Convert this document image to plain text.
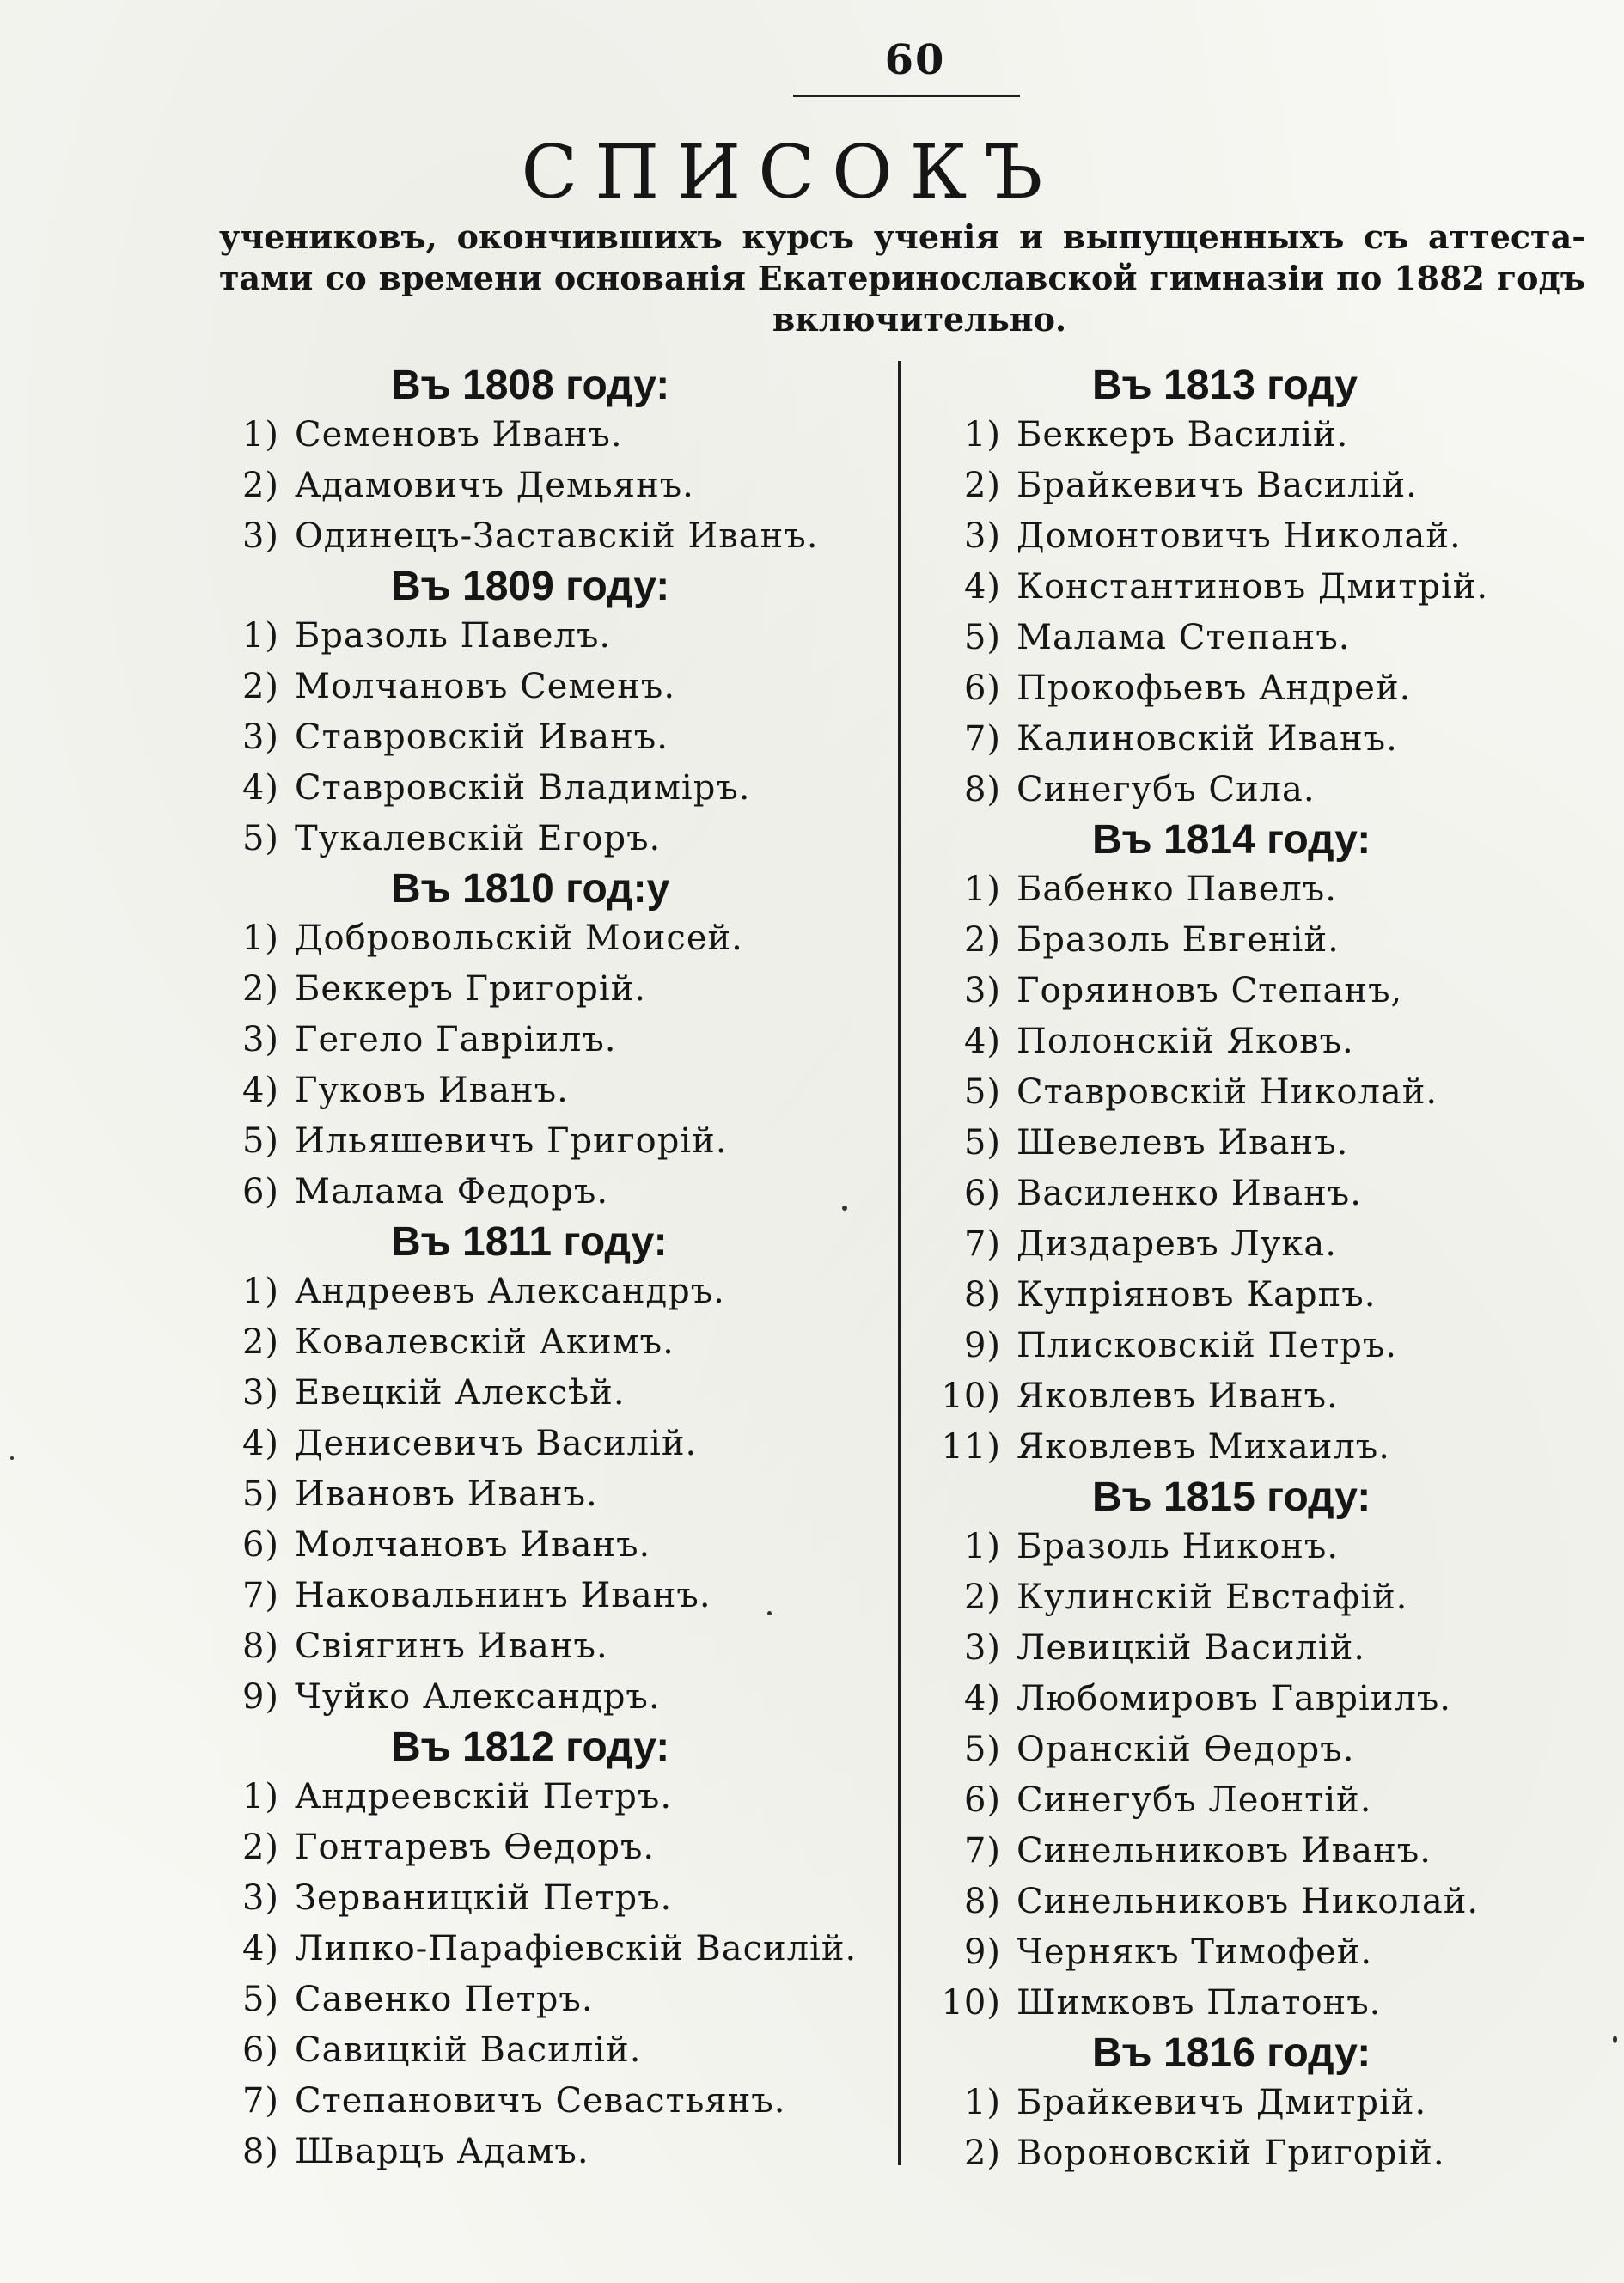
60
СПИСОКЪ
учениковъ, окончившихъ курсъ ученія и выпущенныхъ съ аттеста-
тами со времени основанія Екатеринославской гимназіи по 1882 годъ
включительно.
Въ 1808 году:
1) Семеновъ Иванъ.
2) Адамовичъ Демьянъ.
3) Одинецъ-Заставскій Иванъ.
Въ 1809 году:
1) Бразоль Павелъ.
2) Молчановъ Семенъ.
3) Ставровскій Иванъ.
4) Ставровскій Владиміръ.
5) Тукалевскій Егоръ.
Въ 1810 год:у
1) Добровольскій Моисей.
2) Беккеръ Григорій.
3) Гегело Гавріилъ.
4) Гуковъ Иванъ.
5) Ильяшевичъ Григорій.
6) Малама Федоръ.
Въ 1811 году:
1) Андреевъ Александръ.
2) Ковалевскій Акимъ.
3) Евецкій Алексѣй.
4) Денисевичъ Василій.
5) Ивановъ Иванъ.
6) Молчановъ Иванъ.
7) Наковальнинъ Иванъ.
8) Свіягинъ Иванъ.
9) Чуйко Александръ.
Въ 1812 году:
1) Андреевскій Петръ.
2) Гонтаревъ Өедоръ.
3) Зерваницкій Петръ.
4) Липко-Парафіевскій Василій.
5) Савенко Петръ.
6) Савицкій Василій.
7) Степановичъ Севастьянъ.
8) Шварцъ Адамъ.
Въ 1813 году
1) Беккеръ Василій.
2) Брайкевичъ Василій.
3) Домонтовичъ Николай.
4) Константиновъ Дмитрій.
5) Малама Степанъ.
6) Прокофьевъ Андрей.
7) Калиновскій Иванъ.
8) Синегубъ Сила.
Въ 1814 году:
1) Бабенко Павелъ.
2) Бразоль Евгеній.
3) Горяиновъ Степанъ,
4) Полонскій Яковъ.
5) Ставровскій Николай.
5) Шевелевъ Иванъ.
6) Василенко Иванъ.
7) Диздаревъ Лука.
8) Купріяновъ Карпъ.
9) Плисковскій Петръ.
10) Яковлевъ Иванъ.
11) Яковлевъ Михаилъ.
Въ 1815 году:
1) Бразоль Никонъ.
2) Кулинскій Евстафій.
3) Левицкій Василій.
4) Любомировъ Гавріилъ.
5) Оранскій Өедоръ.
6) Синегубъ Леонтій.
7) Синельниковъ Иванъ.
8) Синельниковъ Николай.
9) Чернякъ Тимофей.
10) Шимковъ Платонъ.
Въ 1816 году:
1) Брайкевичъ Дмитрій.
2) Вороновскій Григорій.
